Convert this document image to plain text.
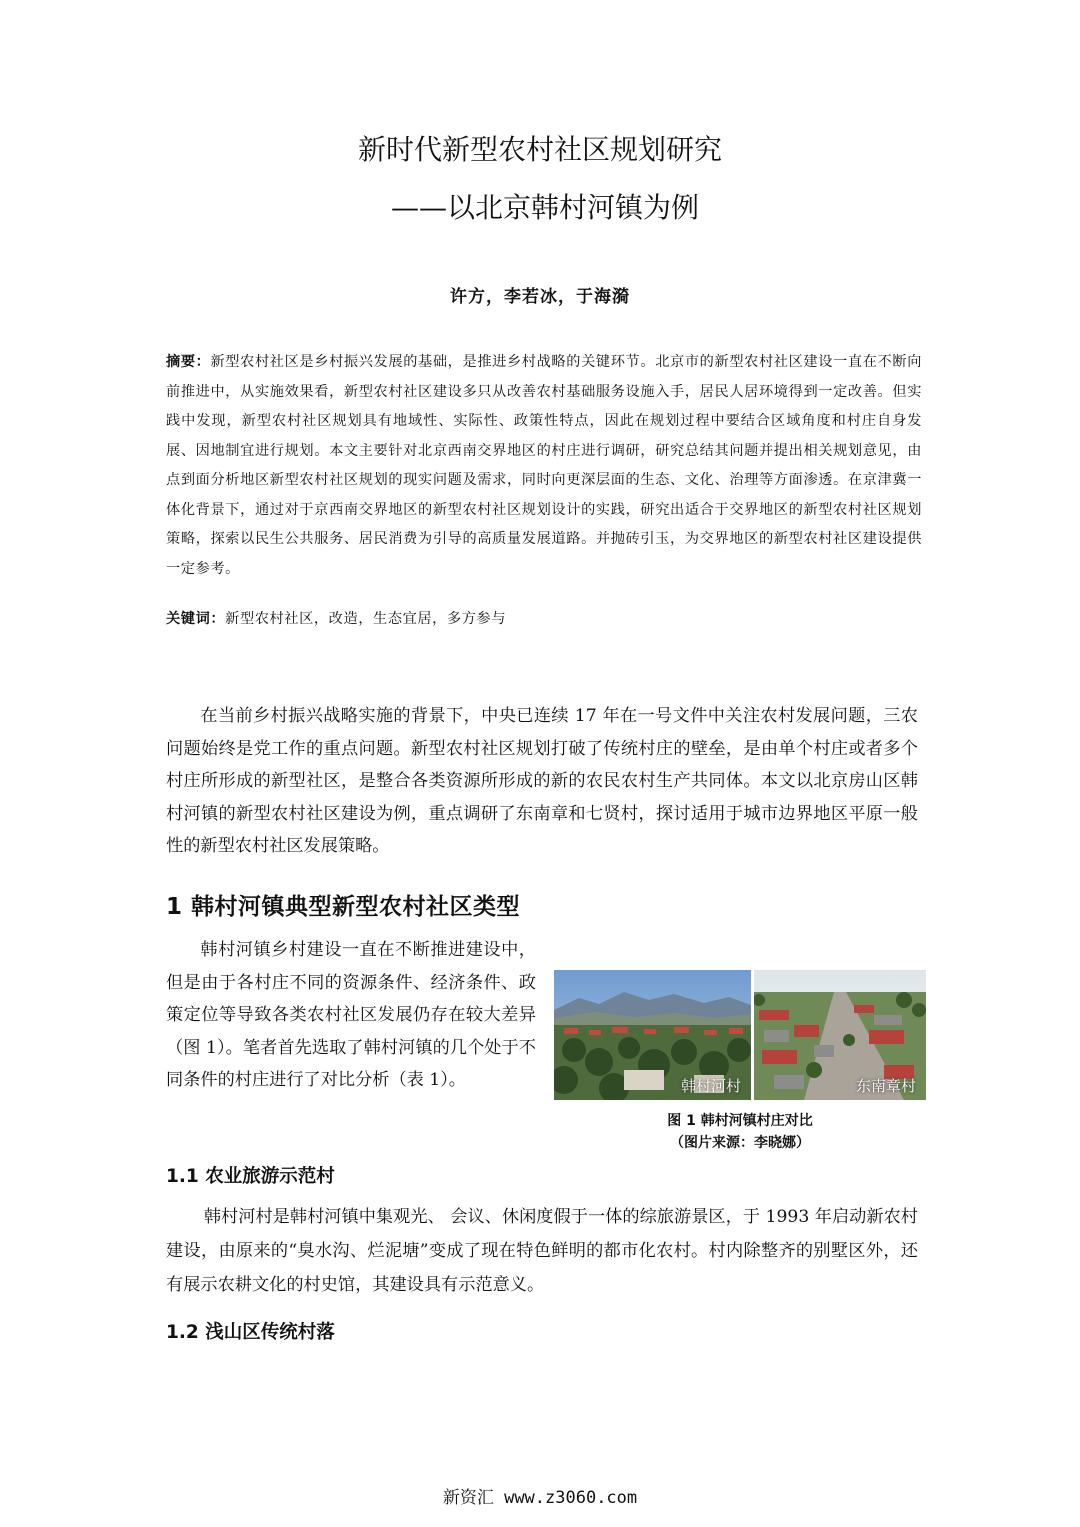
新时代新型农村社区规划研究
——以北京韩村河镇为例
许方，李若冰，于海漪
摘要：新型农村社区是乡村振兴发展的基础，是推进乡村战略的关键环节。北京市的新型农村社区建设一直在不断向前推进中，从实施效果看，新型农村社区建设多只从改善农村基础服务设施入手，居民人居环境得到一定改善。但实践中发现，新型农村社区规划具有地域性、实际性、政策性特点，因此在规划过程中要结合区域角度和村庄自身发展、因地制宜进行规划。本文主要针对北京西南交界地区的村庄进行调研，研究总结其问题并提出相关规划意见，由点到面分析地区新型农村社区规划的现实问题及需求，同时向更深层面的生态、文化、治理等方面渗透。在京津冀一体化背景下，通过对于京西南交界地区的新型农村社区规划设计的实践，研究出适合于交界地区的新型农村社区规划策略，探索以民生公共服务、居民消费为引导的高质量发展道路。并抛砖引玉，为交界地区的新型农村社区建设提供一定参考。
关键词：新型农村社区，改造，生态宜居，多方参与
在当前乡村振兴战略实施的背景下，中央已连续 17 年在一号文件中关注农村发展问题，三农问题始终是党工作的重点问题。新型农村社区规划打破了传统村庄的壁垒，是由单个村庄或者多个村庄所形成的新型社区，是整合各类资源所形成的新的农民农村生产共同体。本文以北京房山区韩村河镇的新型农村社区建设为例，重点调研了东南章和七贤村，探讨适用于城市边界地区平原一般性的新型农村社区发展策略。
1 韩村河镇典型新型农村社区类型
韩村河镇乡村建设一直在不断推进建设中，但是由于各村庄不同的资源条件、经济条件、政策定位等导致各类农村社区发展仍存在较大差异（图 1）。笔者首先选取了韩村河镇的几个处于不同条件的村庄进行了对比分析（表 1）。	韩村河村	东南章村
图 1 韩村河镇村庄对比
（图片来源：李晓娜）
1.1 农业旅游示范村
韩村河村是韩村河镇中集观光、 会议、休闲度假于一体的综旅游景区，于 1993 年启动新农村建设，由原来的“臭水沟、烂泥塘”变成了现在特色鲜明的都市化农村。村内除整齐的别墅区外，还有展示农耕文化的村史馆，其建设具有示范意义。
1.2 浅山区传统村落
新资汇 www.z3060.com
